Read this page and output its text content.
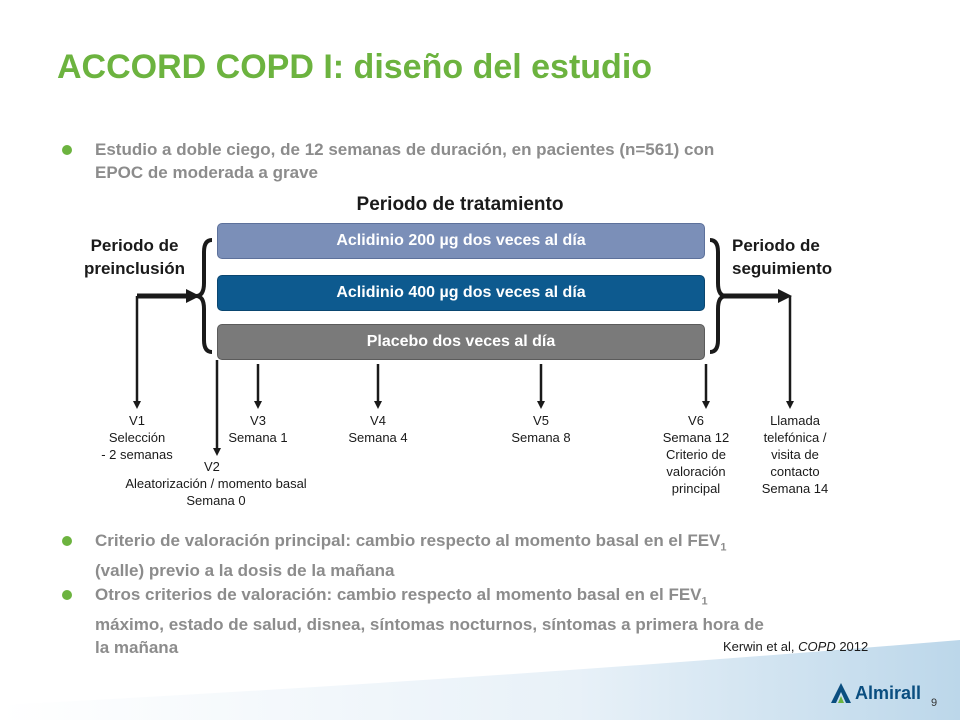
ACCORD COPD I: diseño del estudio
Estudio a doble ciego, de 12 semanas de duración, en pacientes (n=561) con
EPOC de moderada a grave
Periodo de tratamiento
Periodo de
preinclusión
Periodo de
seguimiento
Aclidinio 200 µg dos veces al día
Aclidinio 400 µg dos veces al día
Placebo dos veces al día
V1
Selección
- 2 semanas
V2
Aleatorización / momento basal
Semana 0
V3
Semana 1
V4
Semana 4
V5
Semana 8
V6
Semana 12
Criterio de
valoración
principal
Llamada
telefónica /
visita de
contacto
Semana 14
Criterio de valoración principal: cambio respecto al momento basal en el $FEV_1$
(valle) previo a la dosis de la mañana
Otros criterios de valoración: cambio respecto al momento basal en el $FEV_1$
máximo, estado de salud, disnea, síntomas nocturnos, síntomas a primera hora de
la mañana	Kerwin et al, COPD 2012
Almirall
9
